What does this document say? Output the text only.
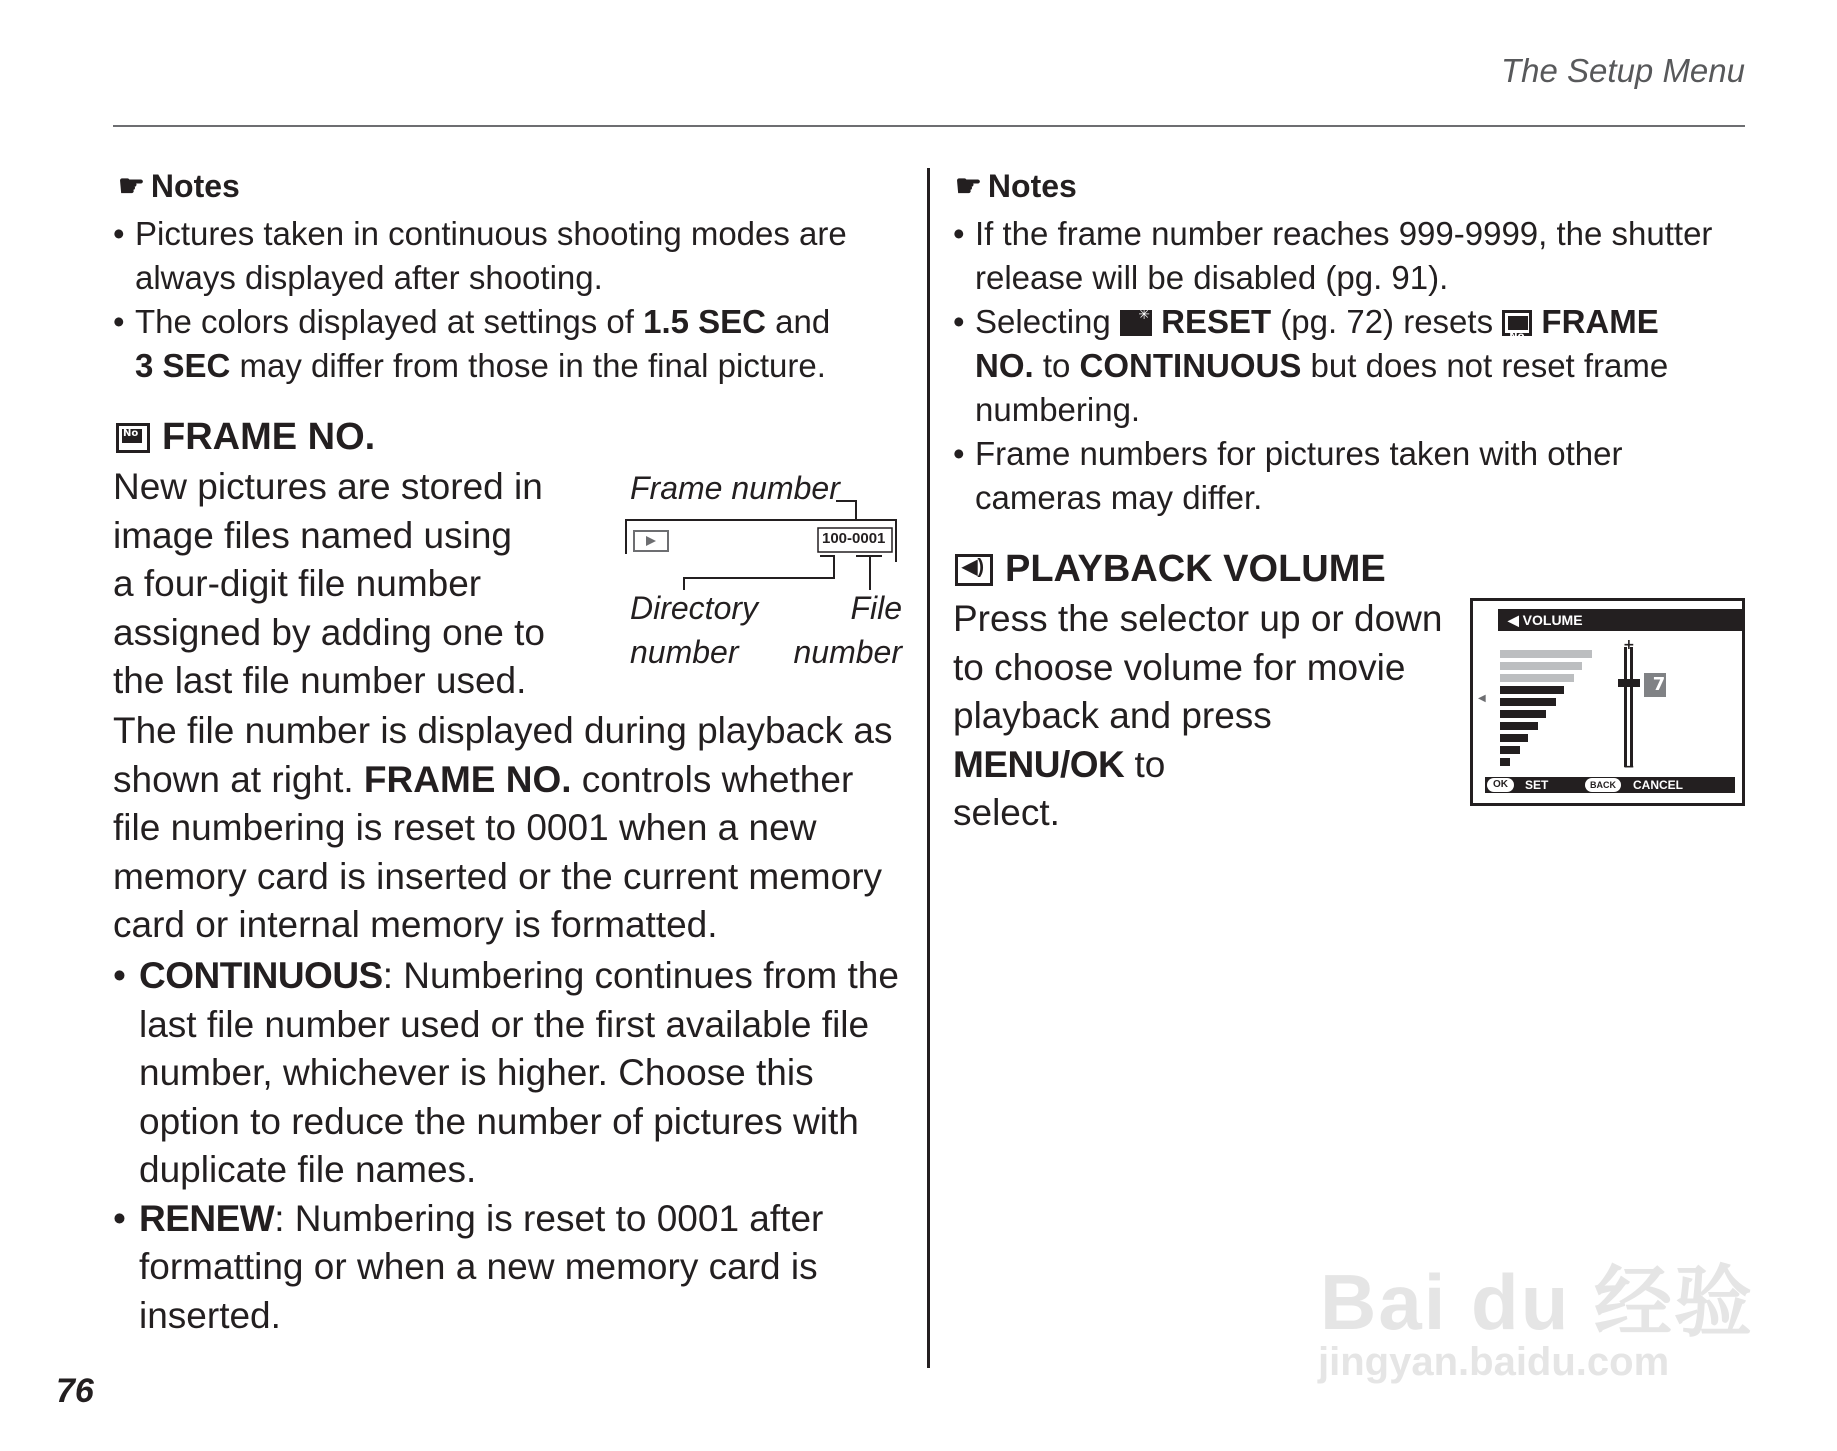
The Setup Menu
☛ Notes
• Pictures taken in continuous shooting modes are
always displayed after shooting.
• The colors displayed at settings of 1.5 SEC and
3 SEC may differ from those in the final picture.
No
FRAME NO.
New pictures are stored in
image files named using
a four-digit file number
assigned by adding one to
the last file number used.
Frame number
100-0001
Directory
number
File
number
The file number is displayed during playback as
shown at right. FRAME NO. controls whether
file numbering is reset to 0001 when a new
memory card is inserted or the current memory
card or internal memory is formatted.
• CONTINUOUS: Numbering continues from the
last file number used or the first available file
number, whichever is higher. Choose this
option to reduce the number of pictures with
duplicate file names.
• RENEW: Numbering is reset to 0001 after
formatting or when a new memory card is
inserted.
76
☛ Notes
• If the frame number reaches 999-9999, the shutter
release will be disabled (pg. 91).
• Selecting ✳ RESET (pg. 72) resets No FRAME
NO. to CONTINUOUS but does not reset frame
numbering.
• Frame numbers for pictures taken with other
cameras may differ.
◀)
PLAYBACK VOLUME
Press the selector up or down
to choose volume for movie
playback and press MENU/OK to
select.
◀︎ VOLUME
◀
+
−
7
OK	SET	BACK	CANCEL
Bai du 经验
jingyan.baidu.com
